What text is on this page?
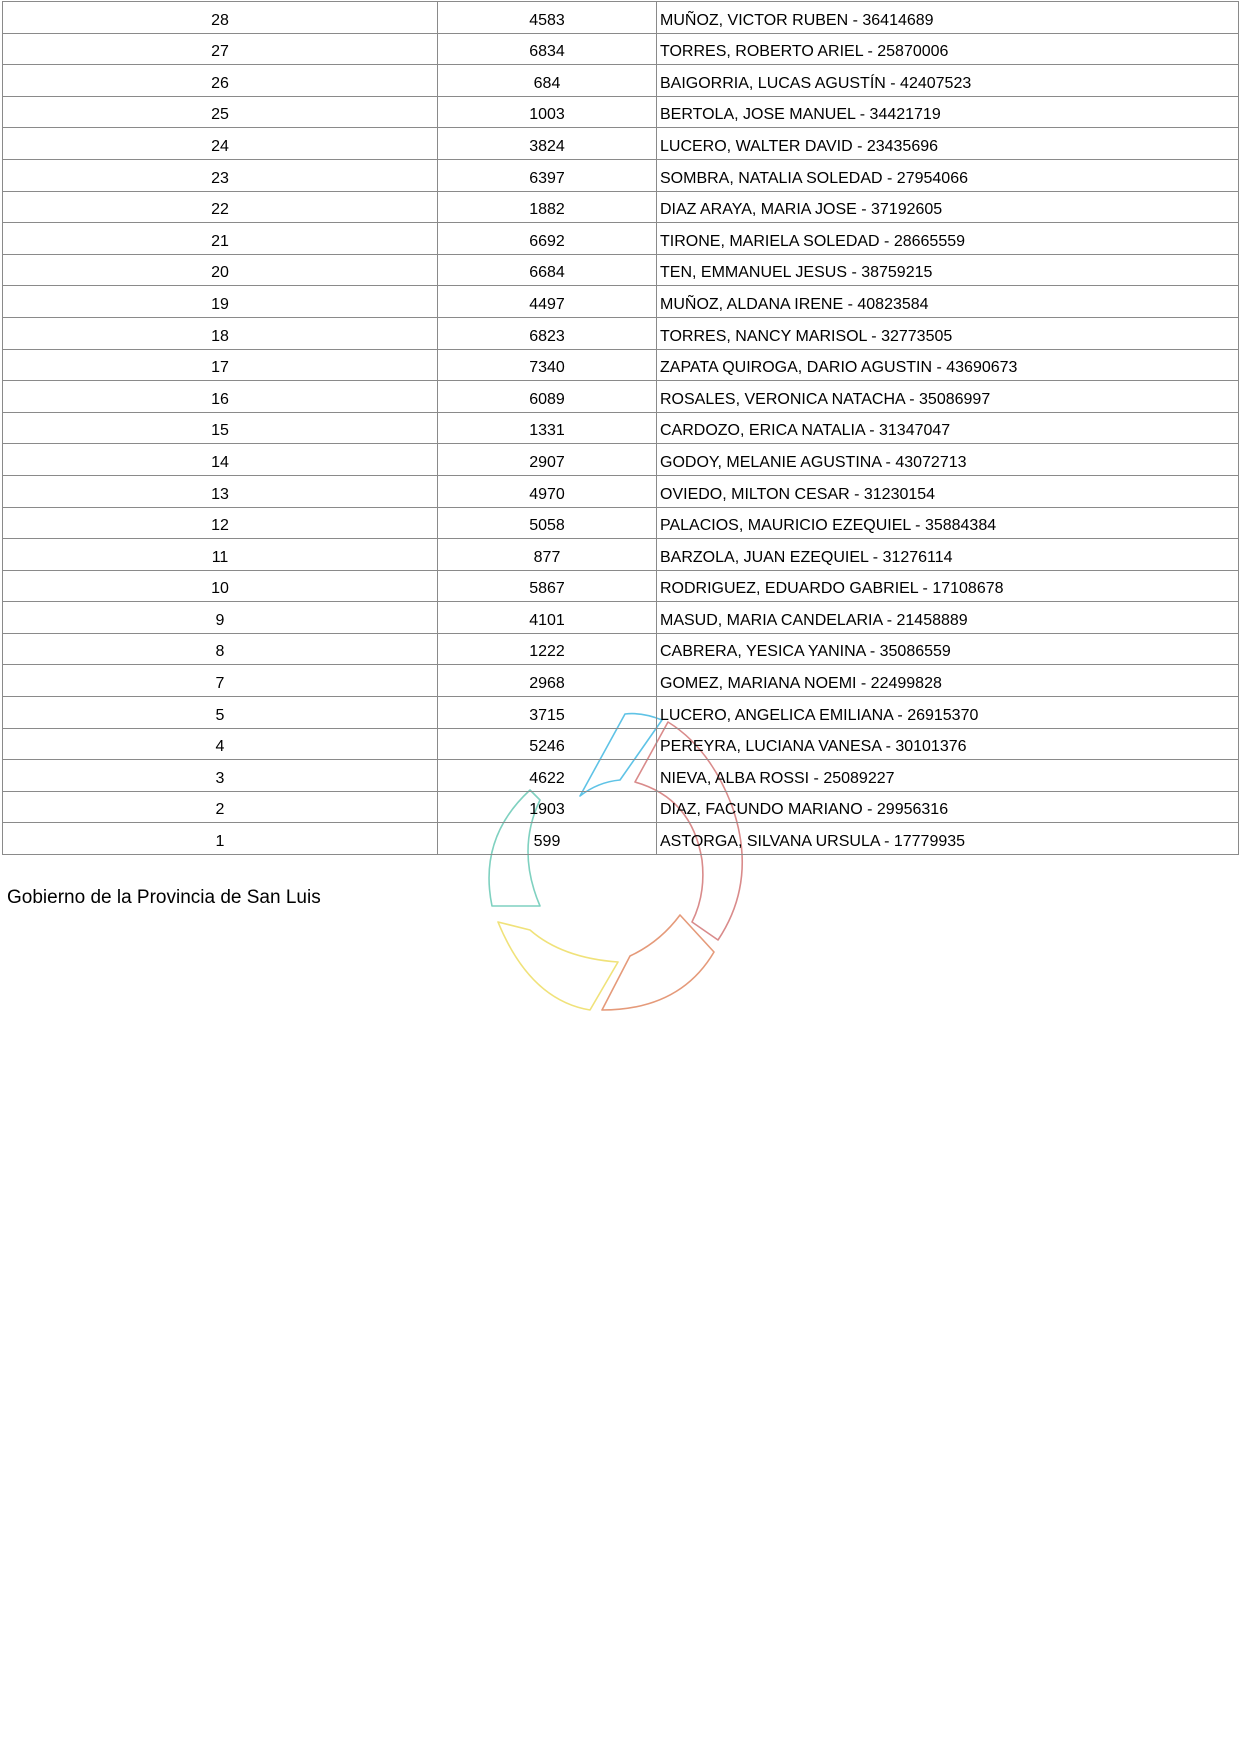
28	4583	MUÑOZ, VICTOR RUBEN - 36414689
27	6834	TORRES, ROBERTO ARIEL - 25870006
26	684	BAIGORRIA, LUCAS AGUSTÍN - 42407523
25	1003	BERTOLA, JOSE MANUEL - 34421719
24	3824	LUCERO, WALTER DAVID - 23435696
23	6397	SOMBRA, NATALIA SOLEDAD - 27954066
22	1882	DIAZ ARAYA, MARIA JOSE - 37192605
21	6692	TIRONE, MARIELA SOLEDAD - 28665559
20	6684	TEN, EMMANUEL JESUS - 38759215
19	4497	MUÑOZ, ALDANA IRENE - 40823584
18	6823	TORRES, NANCY MARISOL - 32773505
17	7340	ZAPATA QUIROGA, DARIO AGUSTIN - 43690673
16	6089	ROSALES, VERONICA NATACHA - 35086997
15	1331	CARDOZO, ERICA NATALIA - 31347047
14	2907	GODOY, MELANIE AGUSTINA - 43072713
13	4970	OVIEDO, MILTON CESAR - 31230154
12	5058	PALACIOS, MAURICIO EZEQUIEL - 35884384
11	877	BARZOLA, JUAN EZEQUIEL - 31276114
10	5867	RODRIGUEZ, EDUARDO GABRIEL - 17108678
9	4101	MASUD, MARIA CANDELARIA - 21458889
8	1222	CABRERA, YESICA YANINA - 35086559
7	2968	GOMEZ, MARIANA NOEMI - 22499828
5	3715	LUCERO, ANGELICA EMILIANA - 26915370
4	5246	PEREYRA, LUCIANA VANESA - 30101376
3	4622	NIEVA, ALBA ROSSI - 25089227
2	1903	DIAZ, FACUNDO MARIANO - 29956316
1	599	ASTORGA, SILVANA URSULA - 17779935
Gobierno de la Provincia de San Luis
